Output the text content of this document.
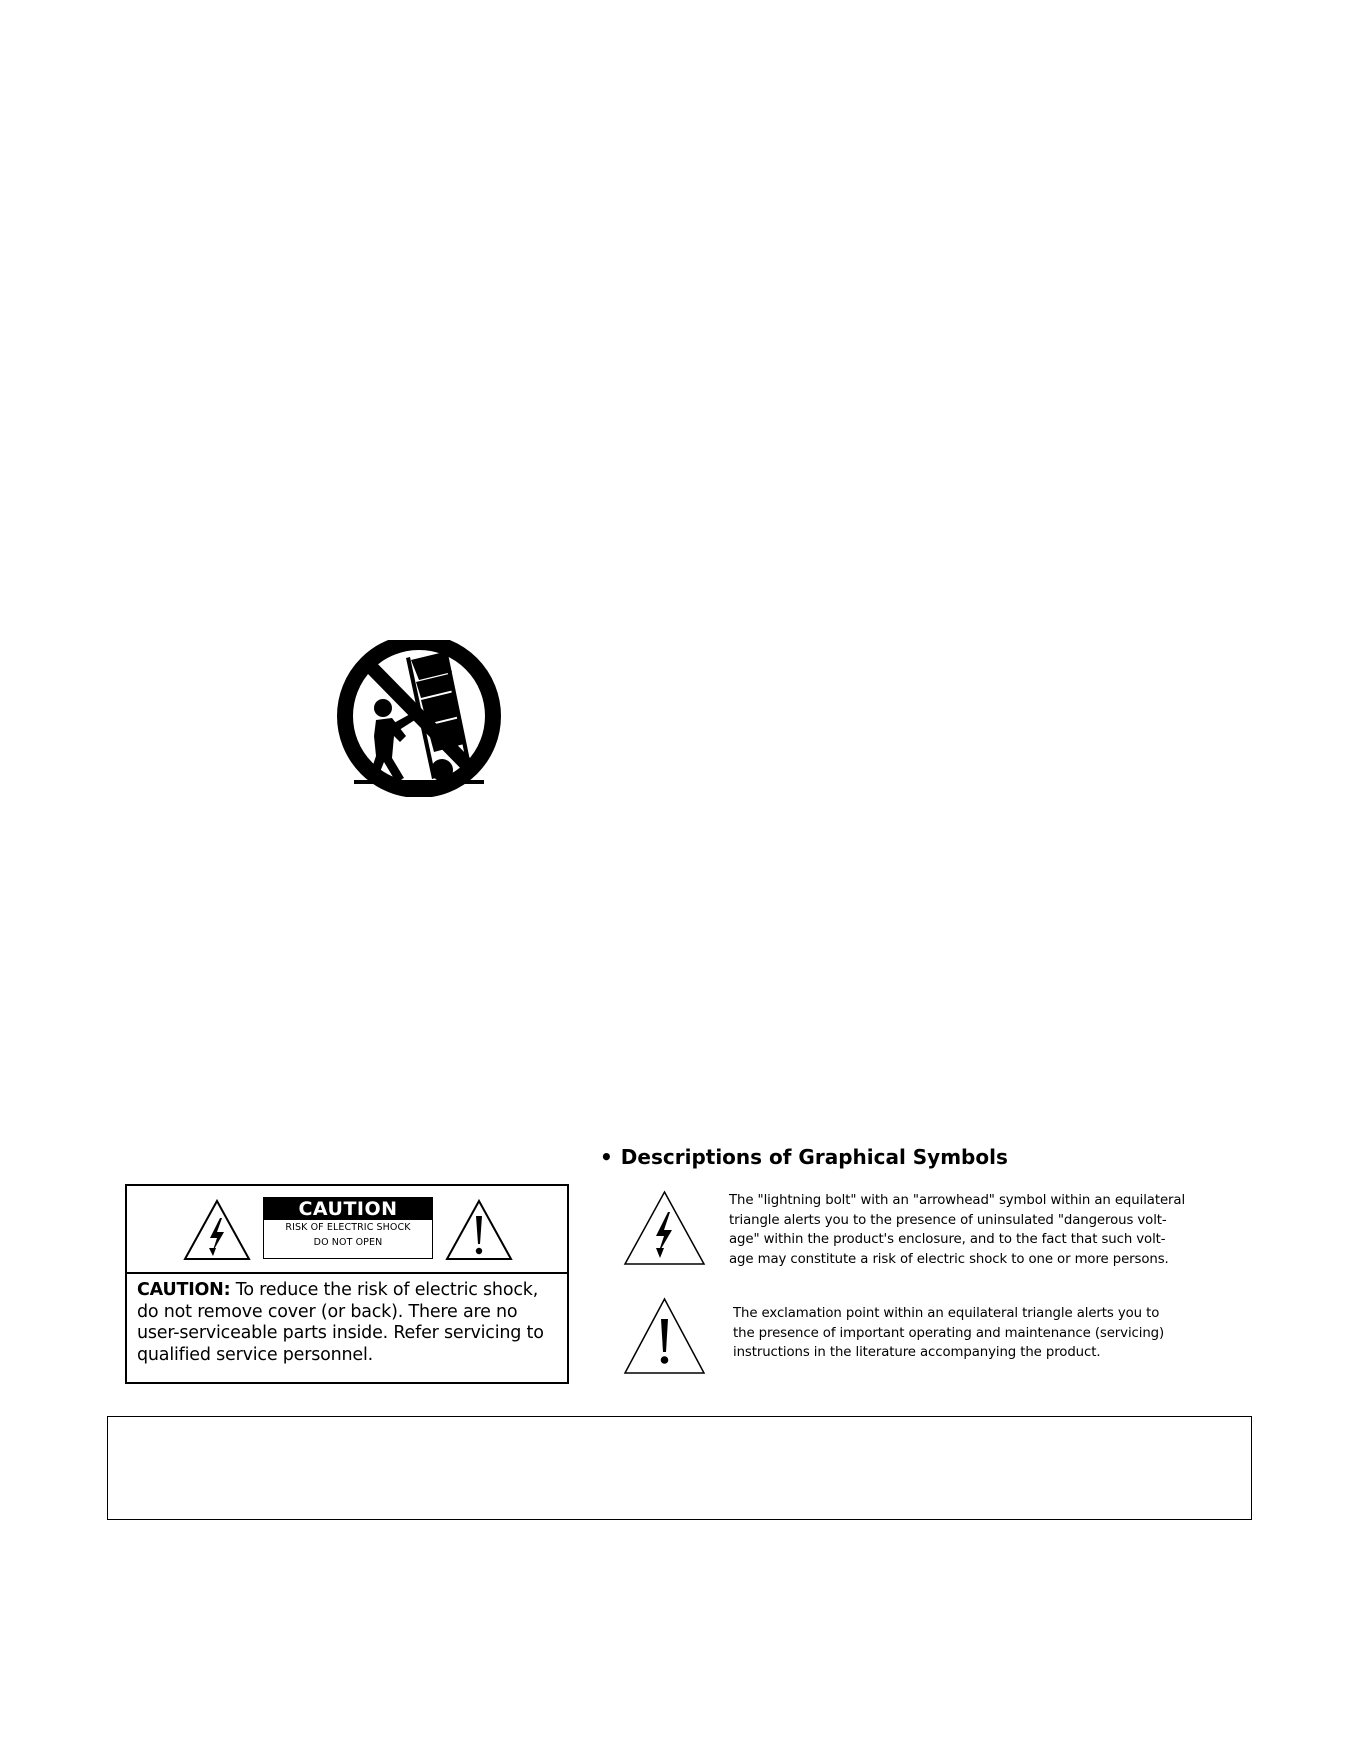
CAUTION
RISK OF ELECTRIC SHOCK
DO NOT OPEN
CAUTION: To reduce the risk of electric shock,
do not remove cover (or back). There are no
user-serviceable parts inside. Refer servicing to
qualified service personnel.
• Descriptions of Graphical Symbols
The "lightning bolt" with an "arrowhead" symbol within an equilateral
triangle alerts you to the presence of uninsulated "dangerous volt-
age" within the product's enclosure, and to the fact that such volt-
age may constitute a risk of electric shock to one or more persons.
The exclamation point within an equilateral triangle alerts you to
the presence of important operating and maintenance (servicing)
instructions in the literature accompanying the product.
